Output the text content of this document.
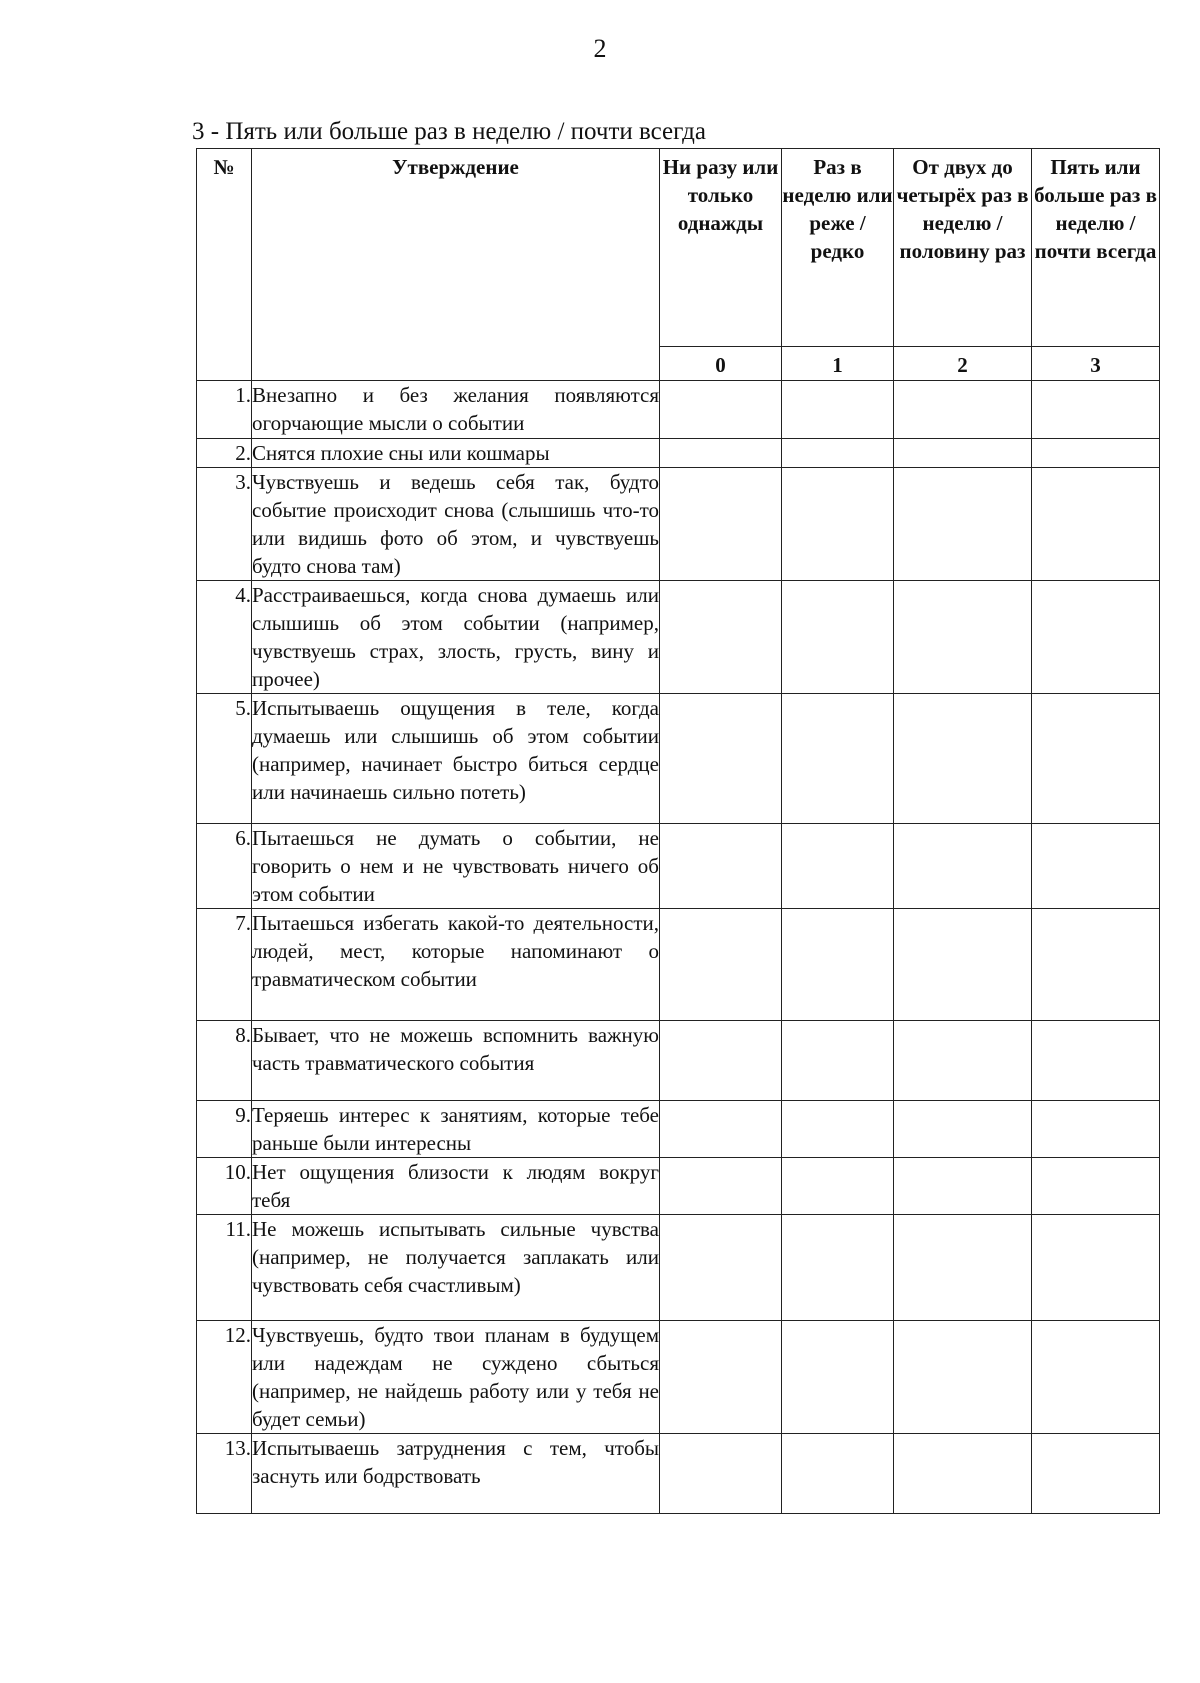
2
3 - Пять или больше раз в неделю / почти всегда
№	Утверждение	Ни разу или только однажды	Раз в неделю или реже / редко	От двух до четырёх раз в неделю / половину раз	Пять или больше раз в неделю / почти всегда
		0	1	2	3
1.	Внезапно и без желания появляются огорчающие мысли о событии				
2.	Снятся плохие сны или кошмары				
3.	Чувствуешь и ведешь себя так, будто событие происходит снова (слышишь что-то или видишь фото об этом, и чувствуешь будто снова там)				
4.	Расстраиваешься, когда снова думаешь или слышишь об этом событии (например, чувствуешь страх, злость, грусть, вину и прочее)				
5.	Испытываешь ощущения в теле, когда думаешь или слышишь об этом событии (например, начинает быстро биться сердце или начинаешь сильно потеть)				
6.	Пытаешься не думать о событии, не говорить о нем и не чувствовать ничего об этом событии				
7.	Пытаешься избегать какой-то деятельности, людей, мест, которые напоминают о травматическом событии				
8.	Бывает, что не можешь вспомнить важную часть травматического события				
9.	Теряешь интерес к занятиям, которые тебе раньше были интересны				
10.	Нет ощущения близости к людям вокруг тебя				
11.	Не можешь испытывать сильные чувства (например, не получается заплакать или чувствовать себя счастливым)				
12.	Чувствуешь, будто твои планам в будущем или надеждам не суждено сбыться (например, не найдешь работу или у тебя не будет семьи)				
13.	Испытываешь затруднения с тем, чтобы заснуть или бодрствовать				
